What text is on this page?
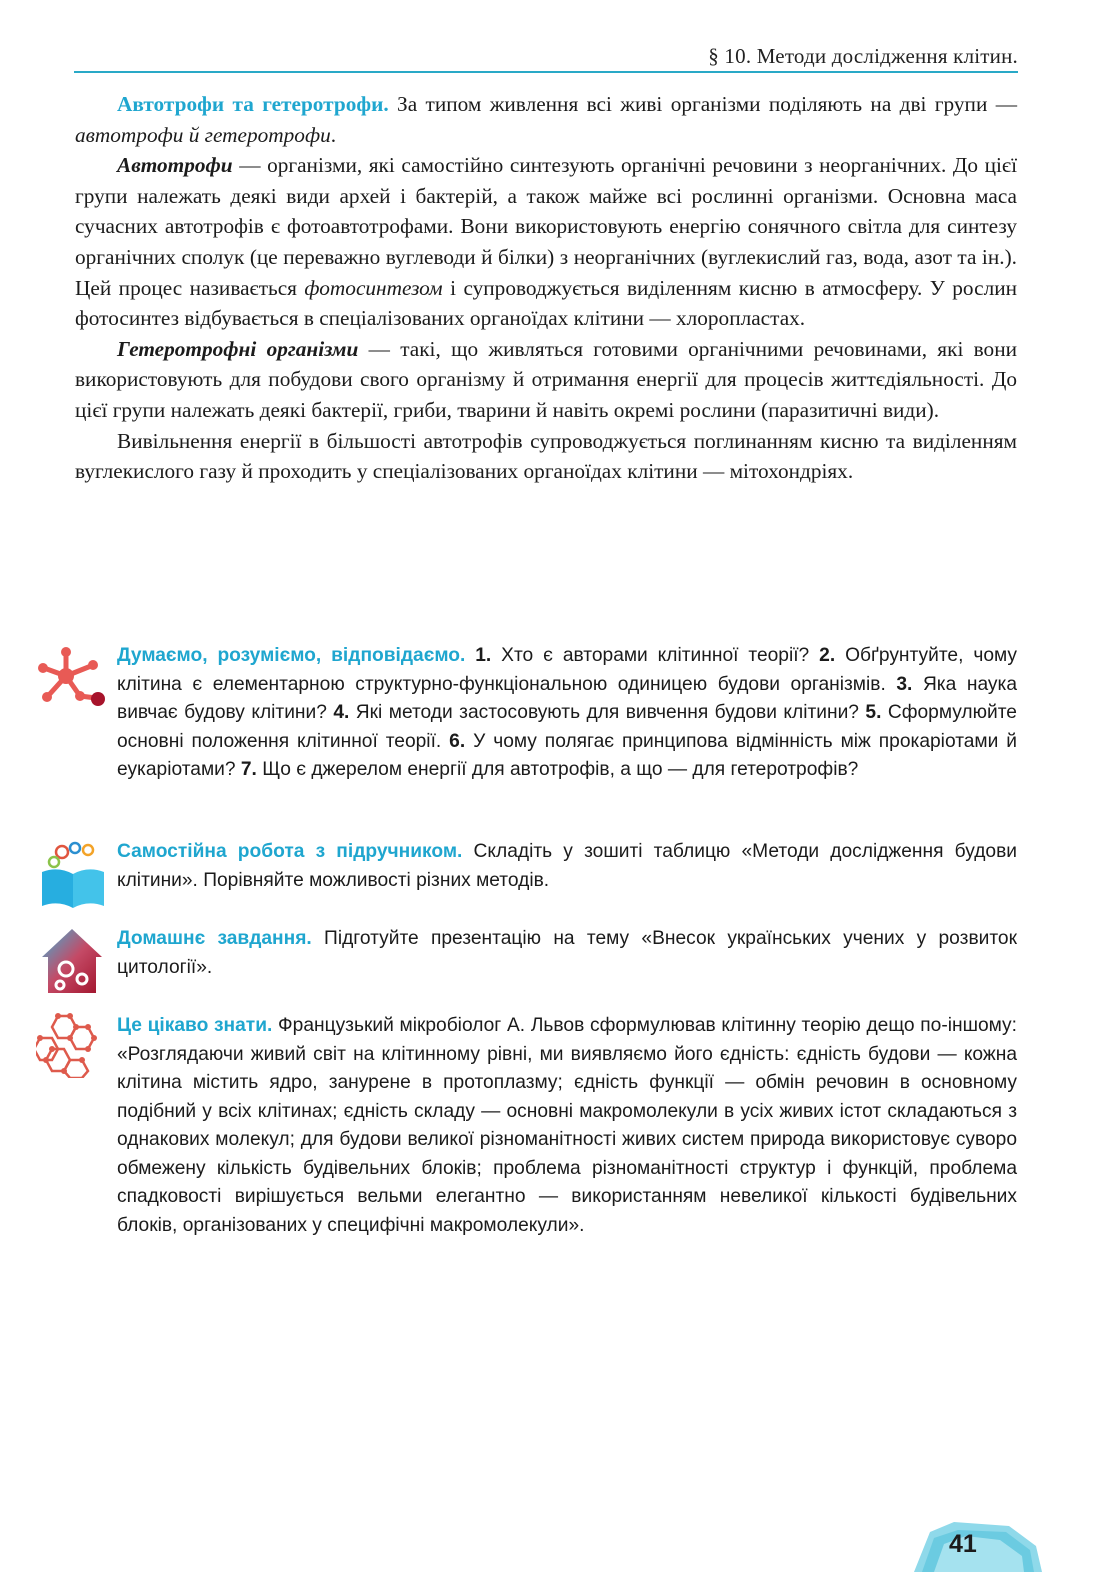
§ 10. Методи дослідження клітин.

Автотрофи та гетеротрофи. За типом живлення всі живі організми поділяють на дві групи — автотрофи й гетеротрофи.

Автотрофи — організми, які самостійно синтезують органічні речовини з неорганічних. До цієї групи належать деякі види архей і бактерій, а також майже всі рослинні організми. Основна маса сучасних автотрофів є фотоавтотрофами. Вони використовують енергію сонячного світла для синтезу органічних сполук (це переважно вуглеводи й білки) з неорганічних (вуглекислий газ, вода, азот та ін.). Цей процес називається фотосинтезом і супроводжується виділенням кисню в атмосферу. У рослин фотосинтез відбувається в спеціалізованих органоїдах клітини — хлоропластах.

Гетеротрофні організми — такі, що живляться готовими органічними речовинами, які вони використовують для побудови свого організму й отримання енергії для процесів життєдіяльності. До цієї групи належать деякі бактерії, гриби, тварини й навіть окремі рослини (паразитичні види).

Вивільнення енергії в більшості автотрофів супроводжується поглинанням кисню та виділенням вуглекислого газу й проходить у спеціалізованих органоїдах клітини — мітохондріях.

Думаємо, розуміємо, відповідаємо. 1. Хто є авторами клітинної теорії? 2. Обґрунтуйте, чому клітина є елементарною структурно-функціональною одиницею будови організмів. 3. Яка наука вивчає будову клітини? 4. Які методи застосовують для вивчення будови клітини? 5. Сформулюйте основні положення клітинної теорії. 6. У чому полягає принципова відмінність між прокаріотами й еукаріотами? 7. Що є джерелом енергії для автотрофів, а що — для гетеротрофів?
Самостійна робота з підручником. Складіть у зошиті таблицю «Методи дослідження будови клітини». Порівняйте можливості різних методів.
Домашнє завдання. Підготуйте презентацію на тему «Внесок українських учених у розвиток цитології».
Це цікаво знати. Французький мікробіолог А. Львов сформулював клітинну теорію дещо по-іншому: «Розглядаючи живий світ на клітинному рівні, ми виявляємо його єдність: єдність будови — кожна клітина містить ядро, занурене в протоплазму; єдність функції — обмін речовин в основному подібний у всіх клітинах; єдність складу — основні макромолекули в усіх живих істот складаються з однакових молекул; для будови великої різноманітності живих систем природа використовує суворо обмежену кількість будівельних блоків; проблема різноманітності структур і функцій, проблема спадковості вирішується вельми елегантно — використанням невеликої кількості будівельних блоків, організованих у специфічні макромолекули».
41
